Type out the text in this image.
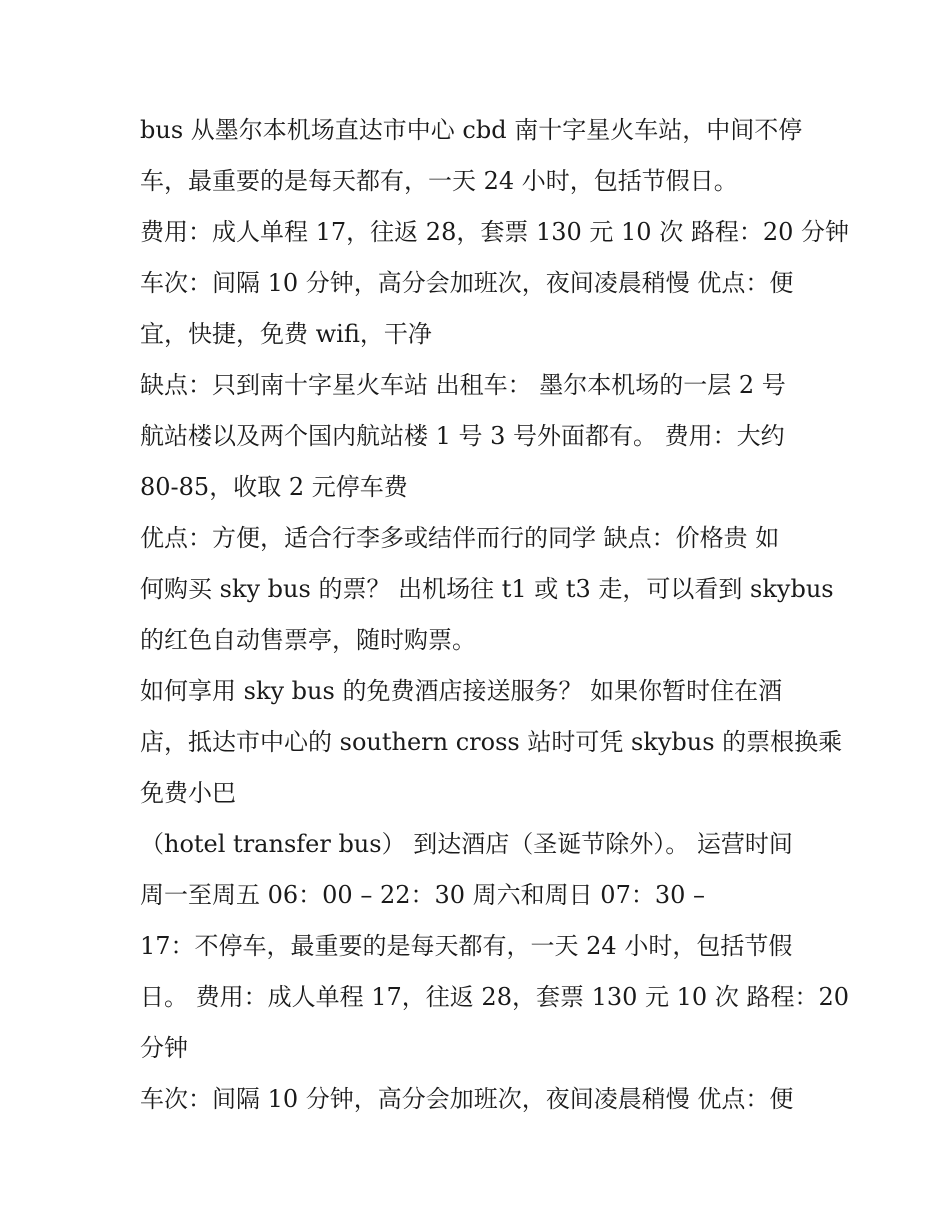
bus 从墨尔本机场直达市中心 cbd 南十字星火车站，中间不停
车，最重要的是每天都有，一天 24 小时，包括节假日。
费用：成人单程 17，往返 28，套票 130 元 10 次 路程：20 分钟
车次：间隔 10 分钟，高分会加班次，夜间凌晨稍慢 优点：便
宜，快捷，免费 wifi，干净
缺点：只到南十字星火车站 出租车： 墨尔本机场的一层 2 号
航站楼以及两个国内航站楼 1 号 3 号外面都有。 费用：大约
80-85，收取 2 元停车费
优点：方便，适合行李多或结伴而行的同学 缺点：价格贵 如
何购买 sky bus 的票？ 出机场往 t1 或 t3 走，可以看到 skybus
的红色自动售票亭，随时购票。
如何享用 sky bus 的免费酒店接送服务？ 如果你暂时住在酒
店，抵达市中心的 southern cross 站时可凭 skybus 的票根换乘
免费小巴
（hotel transfer bus） 到达酒店（圣诞节除外）。 运营时间
周一至周五 06：00 – 22：30 周六和周日 07：30 –
17：不停车，最重要的是每天都有，一天 24 小时，包括节假
日。 费用：成人单程 17，往返 28，套票 130 元 10 次 路程：20
分钟
车次：间隔 10 分钟，高分会加班次，夜间凌晨稍慢 优点：便
